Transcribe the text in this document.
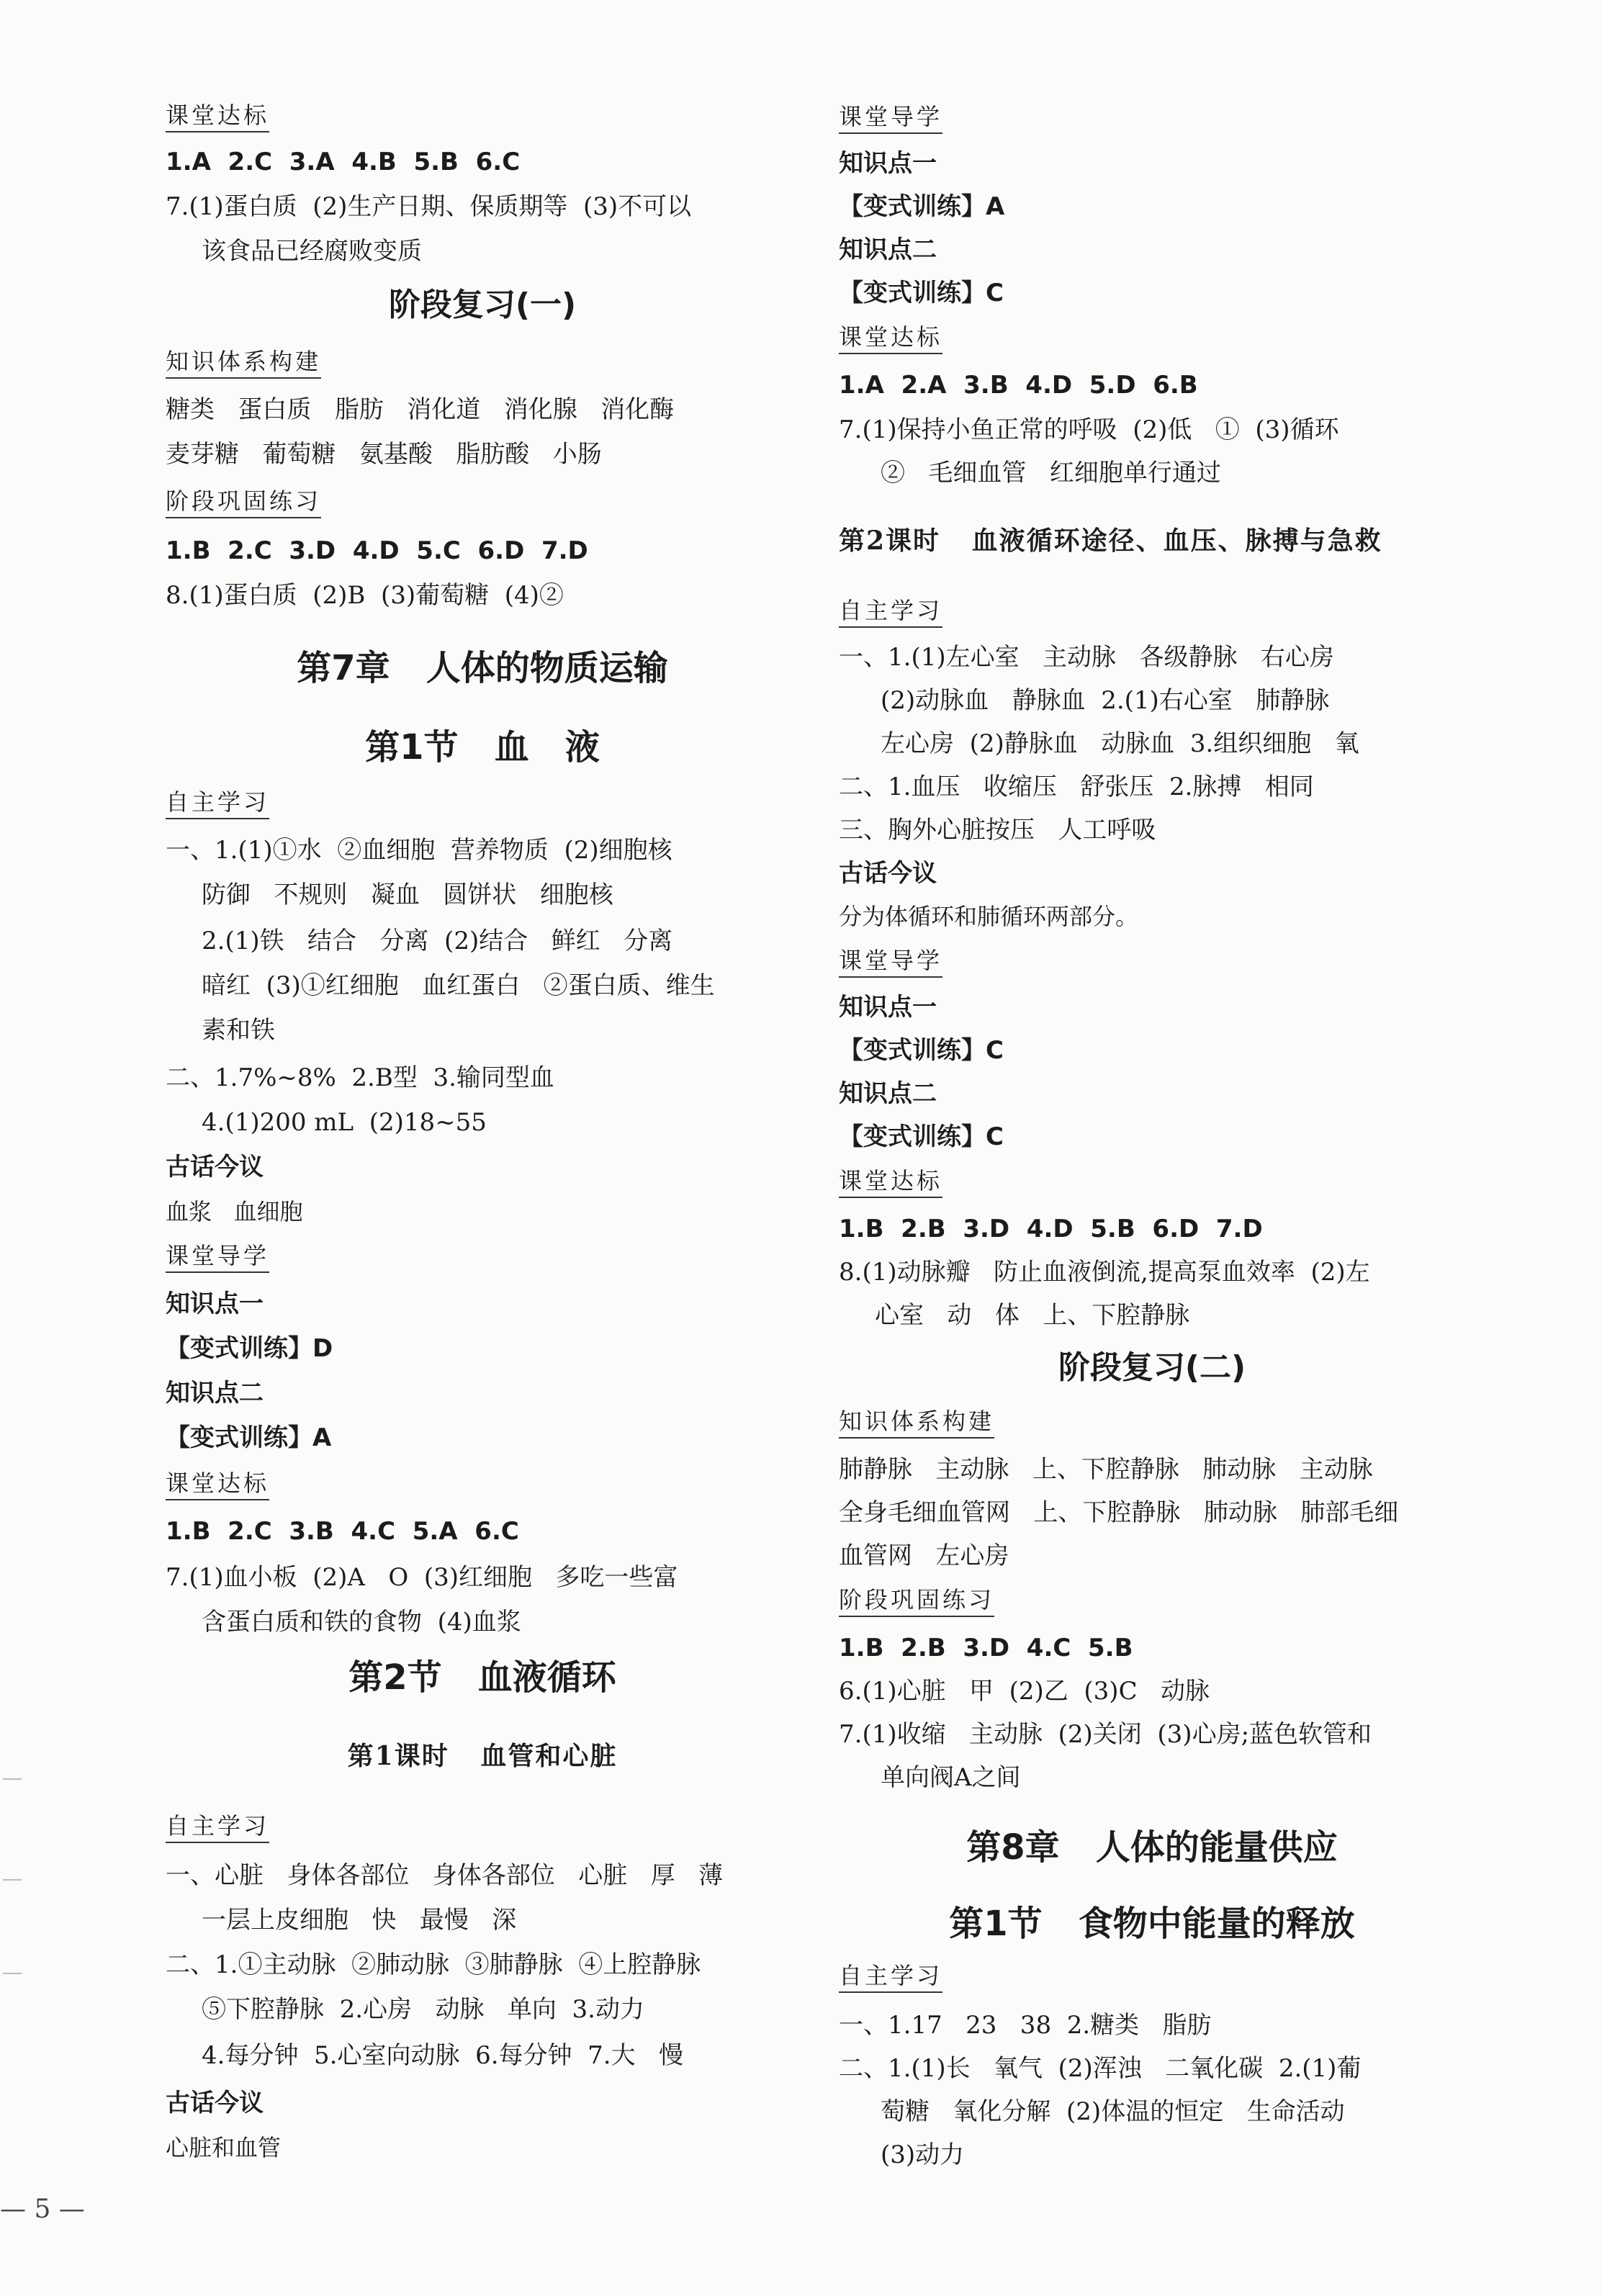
课堂达标
1.A  2.C  3.A  4.B  5.B  6.C
7.(1)蛋白质  (2)生产日期、保质期等  (3)不可以
该食品已经腐败变质
阶段复习(一)
知识体系构建
糖类   蛋白质   脂肪   消化道   消化腺   消化酶
麦芽糖   葡萄糖   氨基酸   脂肪酸   小肠
阶段巩固练习
1.B  2.C  3.D  4.D  5.C  6.D  7.D
8.(1)蛋白质  (2)B  (3)葡萄糖  (4)②
第7章   人体的物质运输
第1节   血   液
自主学习
一、1.(1)①水  ②血细胞  营养物质  (2)细胞核
防御   不规则   凝血   圆饼状   细胞核
2.(1)铁   结合   分离  (2)结合   鲜红   分离
暗红  (3)①红细胞   血红蛋白   ②蛋白质、维生
素和铁
二、1.7%~8%  2.B型  3.输同型血
4.(1)200 mL  (2)18~55
古话今议
血浆   血细胞
课堂导学
知识点一
【变式训练】D
知识点二
【变式训练】A
课堂达标
1.B  2.C  3.B  4.C  5.A  6.C
7.(1)血小板  (2)A   O  (3)红细胞   多吃一些富
含蛋白质和铁的食物  (4)血浆
第2节   血液循环
第1课时   血管和心脏
自主学习
一、心脏   身体各部位   身体各部位   心脏   厚   薄
一层上皮细胞   快   最慢   深
二、1.①主动脉  ②肺动脉  ③肺静脉  ④上腔静脉
⑤下腔静脉  2.心房   动脉   单向  3.动力
4.每分钟  5.心室向动脉  6.每分钟  7.大   慢
古话今议
心脏和血管
课堂导学
知识点一
【变式训练】A
知识点二
【变式训练】C
课堂达标
1.A  2.A  3.B  4.D  5.D  6.B
7.(1)保持小鱼正常的呼吸  (2)低   ①  (3)循环
②   毛细血管   红细胞单行通过
第2课时   血液循环途径、血压、脉搏与急救
自主学习
一、1.(1)左心室   主动脉   各级静脉   右心房
(2)动脉血   静脉血  2.(1)右心室   肺静脉
左心房  (2)静脉血   动脉血  3.组织细胞   氧
二、1.血压   收缩压   舒张压  2.脉搏   相同
三、胸外心脏按压   人工呼吸
古话今议
分为体循环和肺循环两部分。
课堂导学
知识点一
【变式训练】C
知识点二
【变式训练】C
课堂达标
1.B  2.B  3.D  4.D  5.B  6.D  7.D
8.(1)动脉瓣   防止血液倒流,提高泵血效率  (2)左
心室   动   体   上、下腔静脉
阶段复习(二)
知识体系构建
肺静脉   主动脉   上、下腔静脉   肺动脉   主动脉
全身毛细血管网   上、下腔静脉   肺动脉   肺部毛细
血管网   左心房
阶段巩固练习
1.B  2.B  3.D  4.C  5.B
6.(1)心脏   甲  (2)乙  (3)C   动脉
7.(1)收缩   主动脉  (2)关闭  (3)心房;蓝色软管和
单向阀A之间
第8章   人体的能量供应
第1节   食物中能量的释放
自主学习
一、1.17   23   38  2.糖类   脂肪
二、1.(1)长   氧气  (2)浑浊   二氧化碳  2.(1)葡
萄糖   氧化分解  (2)体温的恒定   生命活动
(3)动力
— 5 —
